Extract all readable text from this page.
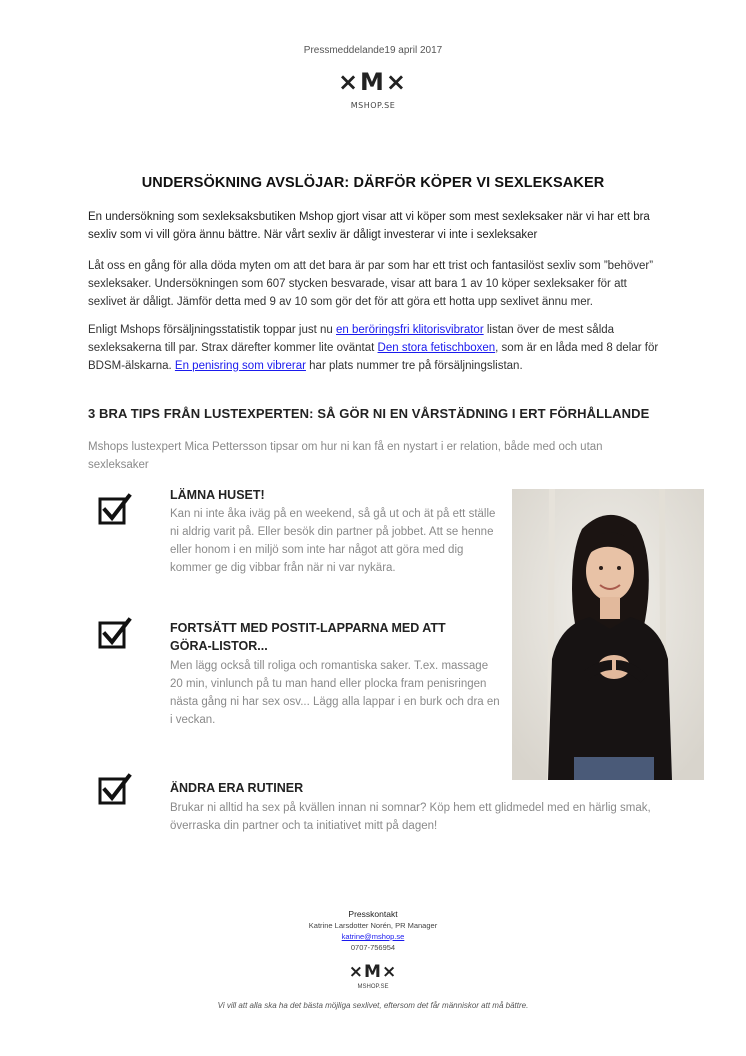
Pressmeddelande19 april 2017
×M×
MSHOP.SE
UNDERSÖKNING AVSLÖJAR: DÄRFÖR KÖPER VI SEXLEKSAKER
En undersökning som sexleksaksbutiken Mshop gjort visar att vi köper som mest sexleksaker när vi har ett bra sexliv som vi vill göra ännu bättre. När vårt sexliv är dåligt investerar vi inte i sexleksaker
Låt oss en gång för alla döda myten om att det bara är par som har ett trist och fantasilöst sexliv som ”behöver” sexleksaker. Undersökningen som 607 stycken besvarade, visar att bara 1 av 10 köper sexleksaker för att sexlivet är dåligt. Jämför detta med 9 av 10 som gör det för att göra ett hotta upp sexlivet ännu mer.
Enligt Mshops försäljningsstatistik toppar just nu en beröringsfri klitorisvibrator listan över de mest sålda sexleksakerna till par. Strax därefter kommer lite oväntat Den stora fetischboxen, som är en låda med 8 delar för BDSM-älskarna. En penisring som vibrerar har plats nummer tre på försäljningslistan.
3 BRA TIPS FRÅN LUSTEXPERTEN: SÅ GÖR NI EN VÅRSTÄDNING I ERT FÖRHÅLLANDE
Mshops lustexpert Mica Pettersson tipsar om hur ni kan få en nystart i er relation, både med och utan sexleksaker
LÄMNA HUSET!
Kan ni inte åka iväg på en weekend, så gå ut och ät på ett ställe ni aldrig varit på. Eller besök din partner på jobbet. Att se henne eller honom i en miljö som inte har något att göra med dig kommer ge dig vibbar från när ni var nykära.
FORTSÄTT MED POSTIT-LAPPARNA MED ATT GÖRA-LISTOR...
Men lägg också till roliga och romantiska saker. T.ex. massage 20 min, vinlunch på tu man hand eller plocka fram penisringen nästa gång ni har sex osv... Lägg alla lappar i en burk och dra en i veckan.
ÄNDRA ERA RUTINER
Brukar ni alltid ha sex på kvällen innan ni somnar? Köp hem ett glidmedel med en härlig smak, överraska din partner och ta initiativet mitt på dagen!
Presskontakt
Katrine Larsdotter Norén, PR Manager
katrine@mshop.se
0707-756954
×M×
MSHOP.SE
Vi vill att alla ska ha det bästa möjliga sexlivet, eftersom det får människor att må bättre.
